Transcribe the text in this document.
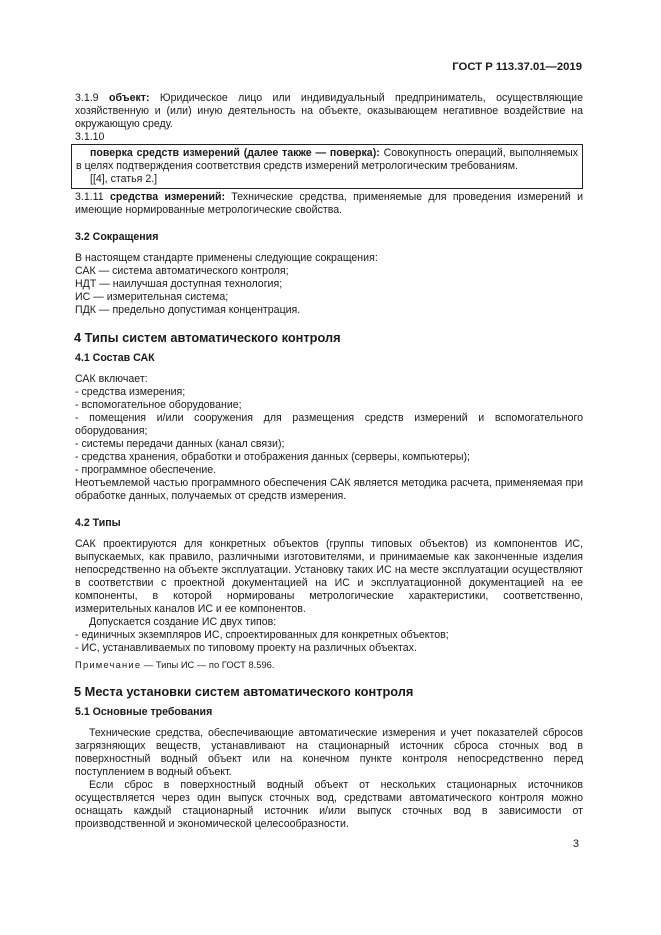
ГОСТ Р 113.37.01—2019

3.1.9 объект: Юридическое лицо или индивидуальный предприниматель, осуществляющие хозяйственную и (или) иную деятельность на объекте, оказывающем негативное воздействие на окружающую среду.

3.1.10

поверка средств измерений (далее также — поверка): Совокупность операций, выполняемых в целях подтверждения соответствия средств измерений метрологическим требованиям.

[[4], статья 2.]

3.1.11 средства измерений: Технические средства, применяемые для проведения измерений и имеющие нормированные метрологические свойства.

3.2 Сокращения

В настоящем стандарте применены следующие сокращения:

САК — система автоматического контроля;

НДТ — наилучшая доступная технология;

ИС — измерительная система;

ПДК — предельно допустимая концентрация.

4 Типы систем автоматического контроля
4.1 Состав САК

САК включает:

- средства измерения;

- вспомогательное оборудование;

- помещения и/или сооружения для размещения средств измерений и вспомогательного оборудования;

- системы передачи данных (канал связи);

- средства хранения, обработки и отображения данных (серверы, компьютеры);

- программное обеспечение.

Неотъемлемой частью программного обеспечения САК является методика расчета, применяемая при обработке данных, получаемых от средств измерения.

4.2 Типы

САК проектируются для конкретных объектов (группы типовых объектов) из компонентов ИС, выпускаемых, как правило, различными изготовителями, и принимаемые как законченные изделия непосредственно на объекте эксплуатации. Установку таких ИС на месте эксплуатации осуществляют в соответствии с проектной документацией на ИС и эксплуатационной документацией на ее компоненты, в которой нормированы метрологические характеристики, соответственно, измерительных каналов ИС и ее компонентов.

Допускается создание ИС двух типов:

- единичных экземпляров ИС, спроектированных для конкретных объектов;

- ИС, устанавливаемых по типовому проекту на различных объектах.

Примечание — Типы ИС — по ГОСТ 8.596.

5 Места установки систем автоматического контроля
5.1 Основные требования

Технические средства, обеспечивающие автоматические измерения и учет показателей сбросов загрязняющих веществ, устанавливают на стационарный источник сброса сточных вод в поверхностный водный объект или на конечном пункте контроля непосредственно перед поступлением в водный объект.

Если сброс в поверхностный водный объект от нескольких стационарных источников осуществляется через один выпуск сточных вод, средствами автоматического контроля можно оснащать каждый стационарный источник и/или выпуск сточных вод в зависимости от производственной и экономической целесообразности.

3
